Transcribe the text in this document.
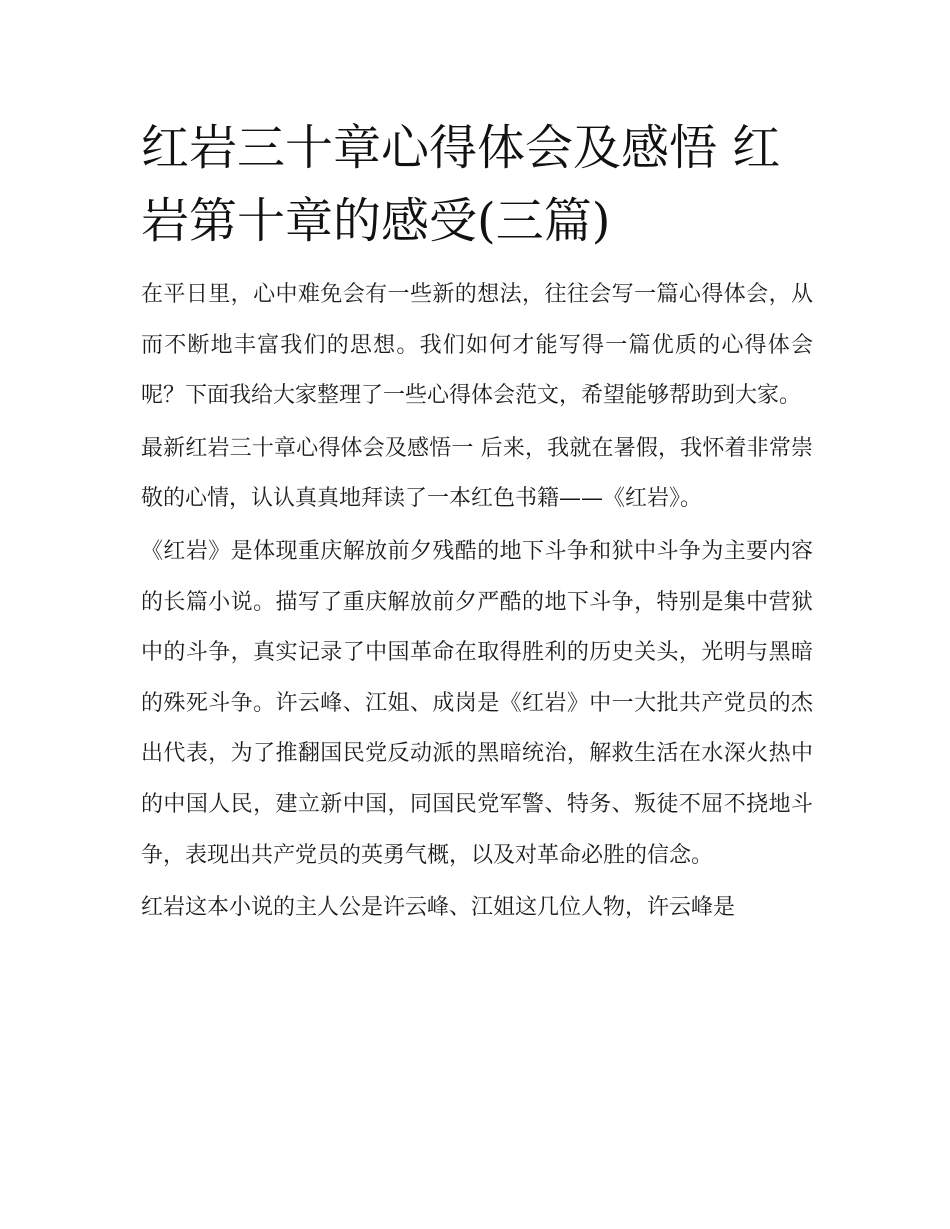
红岩三十章心得体会及感悟 红岩第十章的感受(三篇)

在平日里，心中难免会有一些新的想法，往往会写一篇心得体会，从而不断地丰富我们的思想。我们如何才能写得一篇优质的心得体会呢？下面我给大家整理了一些心得体会范文，希望能够帮助到大家。

最新红岩三十章心得体会及感悟一 后来，我就在暑假，我怀着非常崇敬的心情，认认真真地拜读了一本红色书籍——《红岩》。

《红岩》是体现重庆解放前夕残酷的地下斗争和狱中斗争为主要内容的长篇小说。描写了重庆解放前夕严酷的地下斗争，特别是集中营狱中的斗争，真实记录了中国革命在取得胜利的历史关头，光明与黑暗的殊死斗争。许云峰、江姐、成岗是《红岩》中一大批共产党员的杰出代表，为了推翻国民党反动派的黑暗统治，解救生活在水深火热中的中国人民，建立新中国，同国民党军警、特务、叛徒不屈不挠地斗争，表现出共产党员的英勇气概，以及对革命必胜的信念。

红岩这本小说的主人公是许云峰、江姐这几位人物，许云峰是
